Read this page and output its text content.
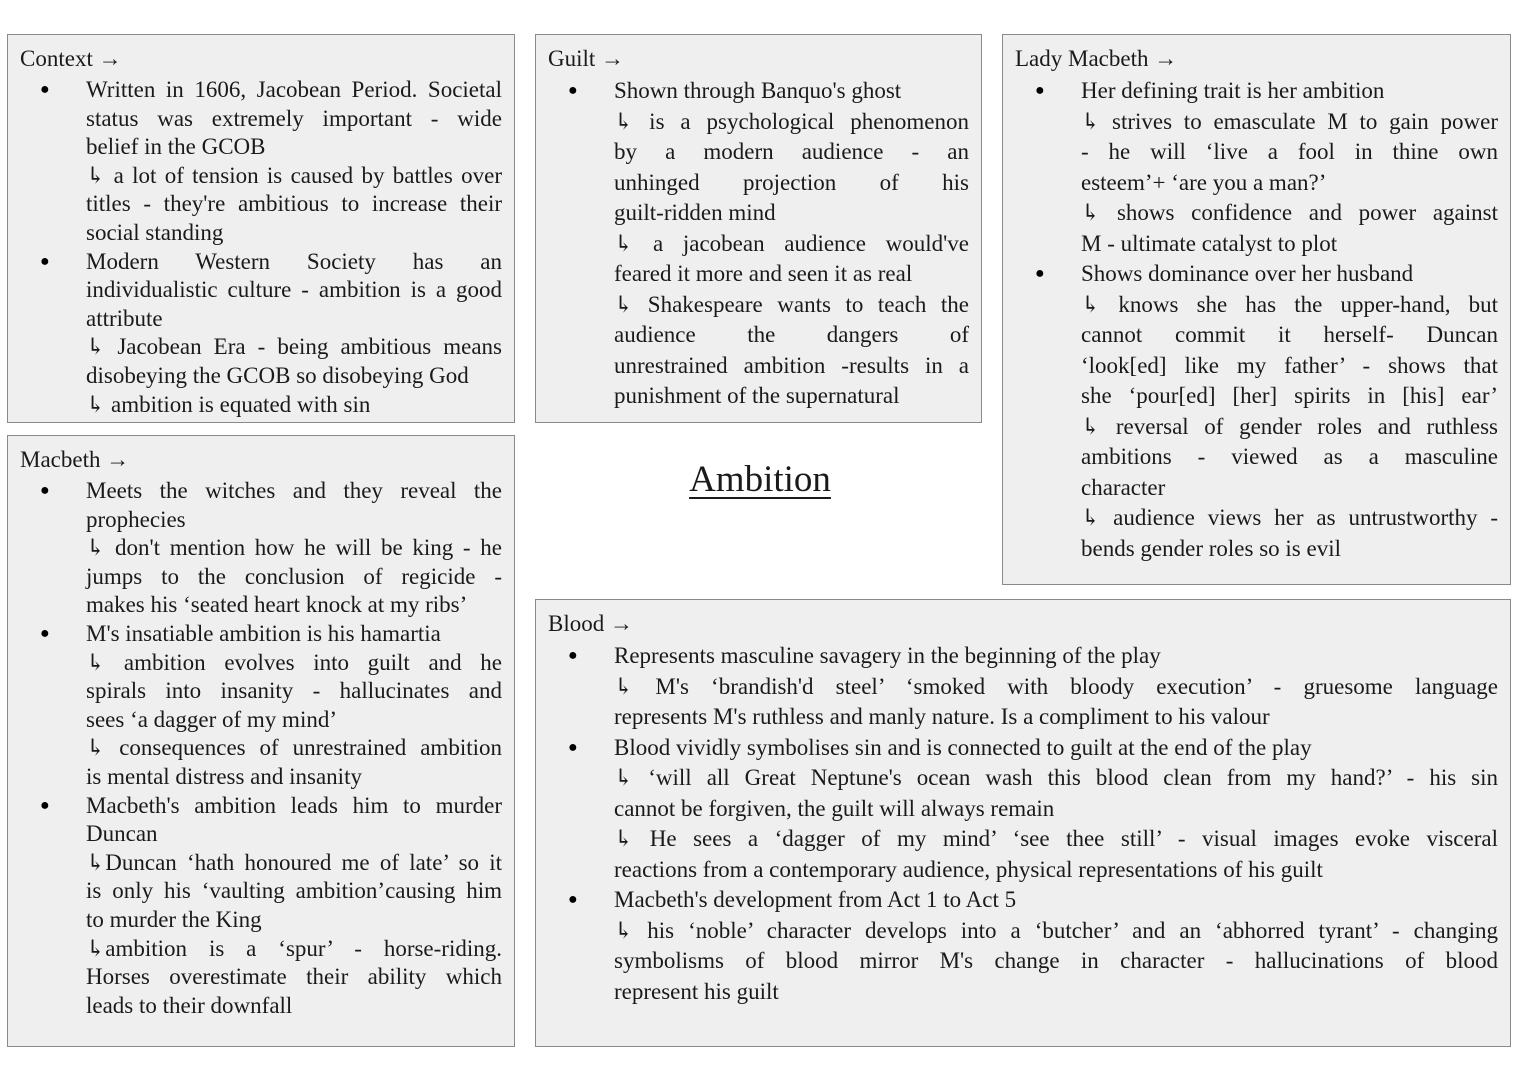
Context →
● Written in 1606, Jacobean Period. Societal
status was extremely important - wide
belief in the GCOB
↳ a lot of tension is caused by battles over
titles - they're ambitious to increase their
social standing
● Modern Western Society has an
individualistic culture - ambition is a good
attribute
↳ Jacobean Era - being ambitious means
disobeying the GCOB so disobeying God
↳ ambition is equated with sin
Macbeth →
● Meets the witches and they reveal the
prophecies
↳ don't mention how he will be king - he
jumps to the conclusion of regicide -
makes his ‘seated heart knock at my ribs’
● M's insatiable ambition is his hamartia
↳ ambition evolves into guilt and he
spirals into insanity - hallucinates and
sees ‘a dagger of my mind’
↳ consequences of unrestrained ambition
is mental distress and insanity
● Macbeth's ambition leads him to murder
Duncan
↳Duncan ‘hath honoured me of late’ so it
is only his ‘vaulting ambition’causing him
to murder the King
↳ambition is a ‘spur’ - horse-riding.
Horses overestimate their ability which
leads to their downfall
Guilt →
● Shown through Banquo's ghost
↳ is a psychological phenomenon
by a modern audience - an
unhinged projection of his
guilt-ridden mind
↳ a jacobean audience would've
feared it more and seen it as real
↳ Shakespeare wants to teach the
audience the dangers of
unrestrained ambition -results in a
punishment of the supernatural
Lady Macbeth →
● Her defining trait is her ambition
↳ strives to emasculate M to gain power
- he will ‘live a fool in thine own
esteem’+ ‘are you a man?’
↳ shows confidence and power against
M - ultimate catalyst to plot
● Shows dominance over her husband
↳ knows she has the upper-hand, but
cannot commit it herself- Duncan
‘look[ed] like my father’ - shows that
she ‘pour[ed] [her] spirits in [his] ear’
↳ reversal of gender roles and ruthless
ambitions - viewed as a masculine
character
↳ audience views her as untrustworthy -
bends gender roles so is evil
Ambition
Blood →
● Represents masculine savagery in the beginning of the play
↳ M's ‘brandish'd steel’ ‘smoked with bloody execution’ - gruesome language
represents M's ruthless and manly nature. Is a compliment to his valour
● Blood vividly symbolises sin and is connected to guilt at the end of the play
↳ ‘will all Great Neptune's ocean wash this blood clean from my hand?’ - his sin
cannot be forgiven, the guilt will always remain
↳ He sees a ‘dagger of my mind’ ‘see thee still’ - visual images evoke visceral
reactions from a contemporary audience, physical representations of his guilt
● Macbeth's development from Act 1 to Act 5
↳ his ‘noble’ character develops into a ‘butcher’ and an ‘abhorred tyrant’ - changing
symbolisms of blood mirror M's change in character - hallucinations of blood
represent his guilt
